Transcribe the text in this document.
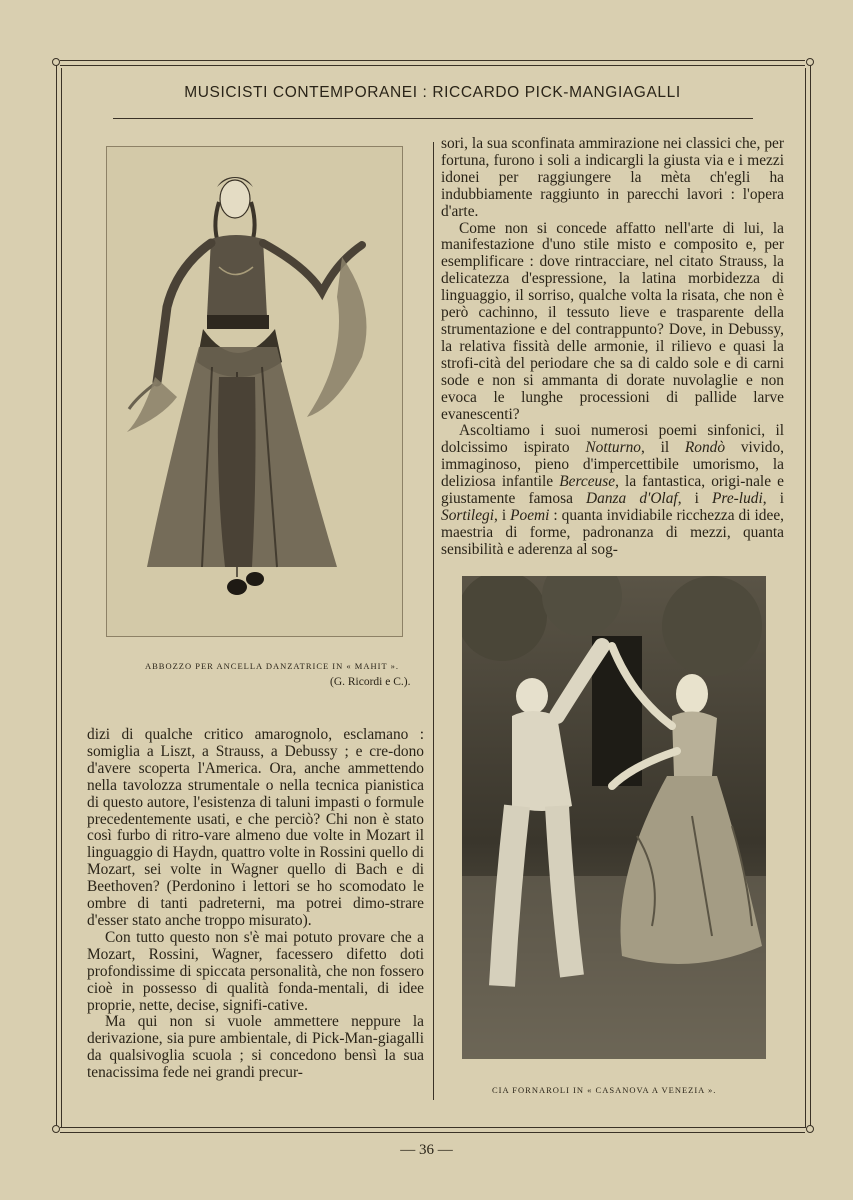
MUSICISTI CONTEMPORANEI : RICCARDO PICK-MANGIAGALLI
ABBOZZO PER ANCELLA DANZATRICE IN « MAHIT ».
(G. Ricordi e C.).

sori, la sua sconfinata ammirazione nei classici che, per fortuna, furono i soli a indicargli la giusta via e i mezzi idonei per raggiungere la mèta ch'egli ha indubbiamente raggiunto in parecchi lavori : l'opera d'arte.

Come non si concede affatto nell'arte di lui, la manifestazione d'uno stile misto e composito e, per esemplificare : dove rintracciare, nel citato Strauss, la delicatezza d'espressione, la latina morbidezza di linguaggio, il sorriso, qualche volta la risata, che non è però cachinno, il tessuto lieve e trasparente della strumentazione e del contrappunto? Dove, in Debussy, la relativa fissità delle armonie, il rilievo e quasi la strofi-cità del periodare che sa di caldo sole e di carni sode e non si ammanta di dorate nuvolaglie e non evoca le lunghe processioni di pallide larve evanescenti?

Ascoltiamo i suoi numerosi poemi sinfonici, il dolcissimo ispirato Notturno, il Rondò vivido, immaginoso, pieno d'impercettibile umorismo, la deliziosa infantile Berceuse, la fantastica, origi-nale e giustamente famosa Danza d'Olaf, i Pre-ludi, i Sortilegi, i Poemi : quanta invidiabile ricchezza di idee, maestria di forme, padronanza di mezzi, quanta sensibilità e aderenza al sog-

CIA FORNAROLI IN « CASANOVA A VENEZIA ».

dizi di qualche critico amarognolo, esclamano : somiglia a Liszt, a Strauss, a Debussy ; e cre-dono d'avere scoperta l'America. Ora, anche ammettendo nella tavolozza strumentale o nella tecnica pianistica di questo autore, l'esistenza di taluni impasti o formule precedentemente usati, e che perciò? Chi non è stato così furbo di ritro-vare almeno due volte in Mozart il linguaggio di Haydn, quattro volte in Rossini quello di Mozart, sei volte in Wagner quello di Bach e di Beethoven? (Perdonino i lettori se ho scomodato le ombre di tanti padreterni, ma potrei dimo-strare d'esser stato anche troppo misurato).

Con tutto questo non s'è mai potuto provare che a Mozart, Rossini, Wagner, facessero difetto doti profondissime di spiccata personalità, che non fossero cioè in possesso di qualità fonda-mentali, di idee proprie, nette, decise, signifi-cative.

Ma qui non si vuole ammettere neppure la derivazione, sia pure ambientale, di Pick-Man-giagalli da qualsivoglia scuola ; si concedono bensì la sua tenacissima fede nei grandi precur-

— 36 —
